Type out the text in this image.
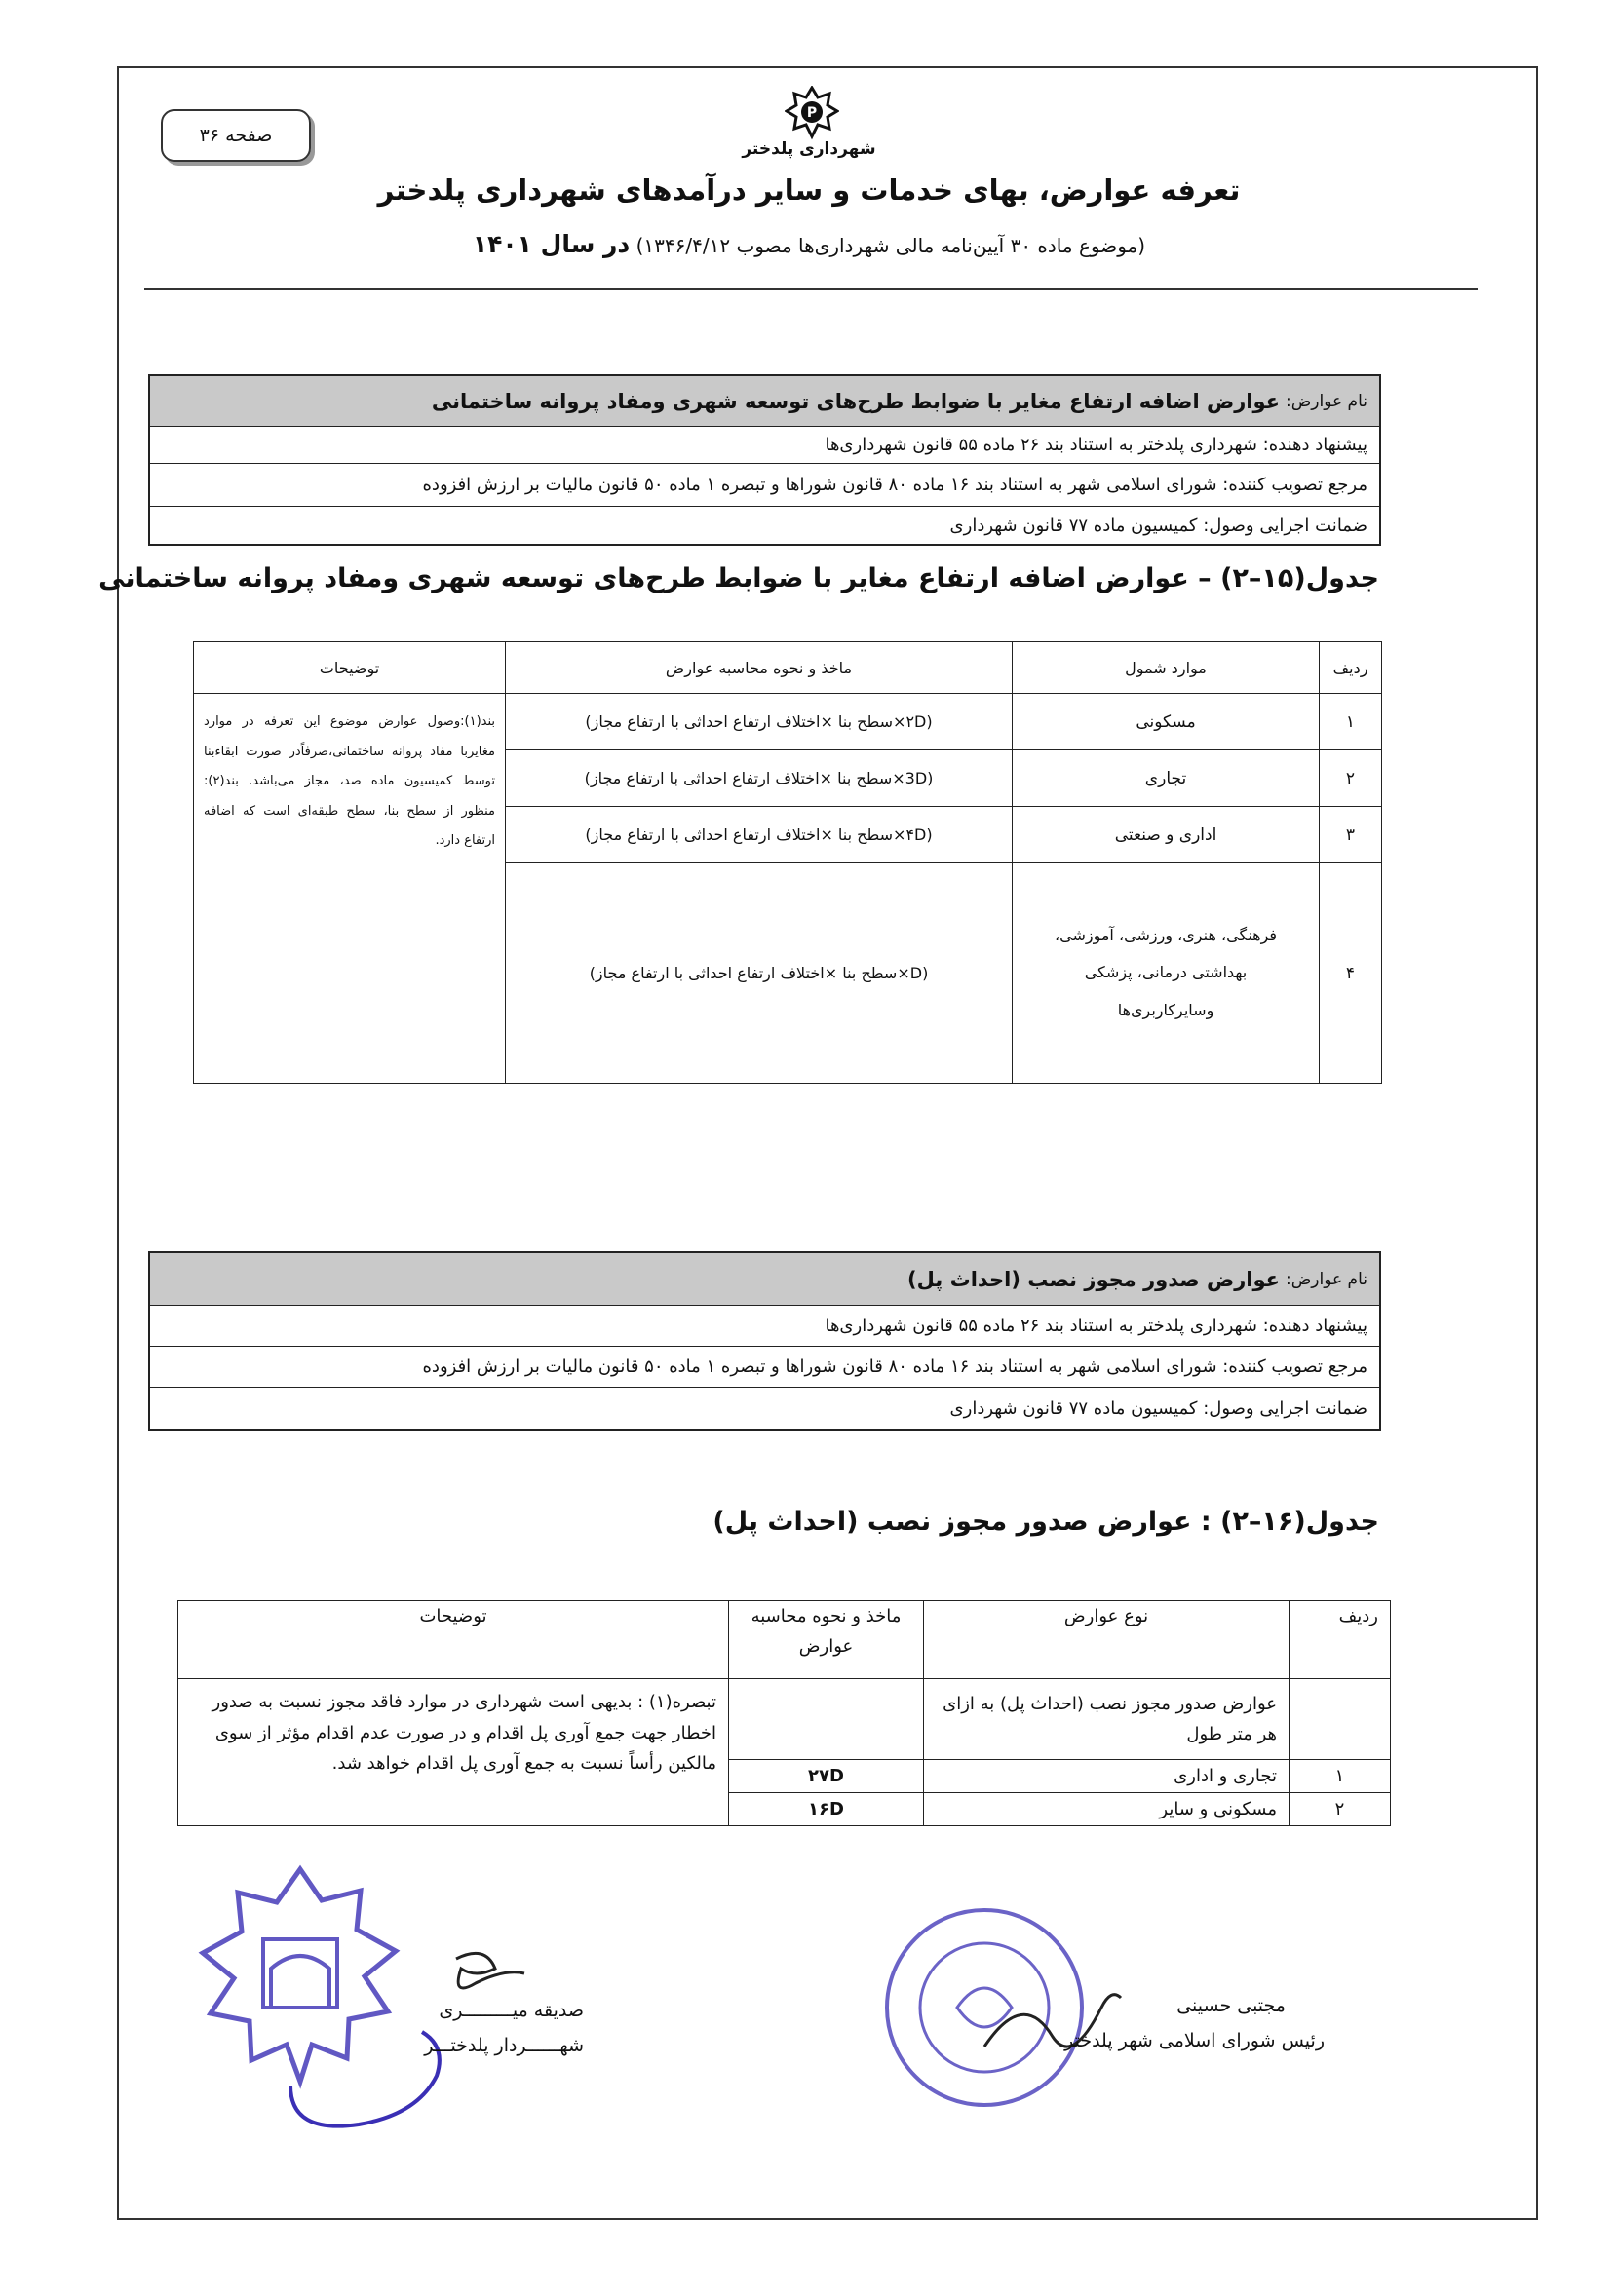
صفحه ۳۶
P
شهرداری پلدختر
تعرفه عوارض، بهای خدمات و سایر درآمدهای شهرداری پلدختر
(موضوع ماده ۳۰ آیین‌نامه مالی شهرداری‌ها مصوب ۱۳۴۶/۴/۱۲) در سال ۱۴۰۱
نام عوارض:
عوارض اضافه ارتفاع مغایر با ضوابط طرح‌های توسعه شهری ومفاد پروانه ساختمانی
پیشنهاد دهنده: شهرداری پلدختر به استناد بند ۲۶ ماده ۵۵ قانون شهرداری‌ها
مرجع تصویب کننده: شورای اسلامی شهر به استناد بند ۱۶ ماده ۸۰ قانون شوراها و تبصره ۱ ماده ۵۰ قانون مالیات بر ارزش افزوده
ضمانت اجرایی وصول: کمیسیون ماده ۷۷ قانون شهرداری
جدول(۱۵–۲) – عوارض اضافه ارتفاع مغایر با ضوابط طرح‌های توسعه شهری ومفاد پروانه ساختمانی
ردیف	موارد شمول	ماخذ و نحوه محاسبه عوارض	توضیحات
۱	مسکونی	(۲D×سطح بنا ×اختلاف ارتفاع احداثی با ارتفاع مجاز)	بند(۱):وصول عوارض موضوع این تعرفه در موارد مغایربا مفاد پروانه ساختمانی،صرفاًدر صورت ابقاءبنا توسط کمیسیون ماده صد، مجاز می‌باشد. بند(۲): منظور از سطح بنا، سطح طبقه‌ای است که اضافه ارتفاع دارد.
۲	تجاری	(3D×سطح بنا ×اختلاف ارتفاع احداثی با ارتفاع مجاز)	
۳	اداری و صنعتی	(۴D×سطح بنا ×اختلاف ارتفاع احداثی با ارتفاع مجاز)	
۴	فرهنگی، هنری، ورزشی، آموزشی،
بهداشتی درمانی، پزشکی
وسایرکاربری‌ها	(D×سطح بنا ×اختلاف ارتفاع احداثی با ارتفاع مجاز)	
نام عوارض:
عوارض صدور مجوز نصب (احداث پل)
پیشنهاد دهنده: شهرداری پلدختر به استناد بند ۲۶ ماده ۵۵ قانون شهرداری‌ها
مرجع تصویب کننده: شورای اسلامی شهر به استناد بند ۱۶ ماده ۸۰ قانون شوراها و تبصره ۱ ماده ۵۰ قانون مالیات بر ارزش افزوده
ضمانت اجرایی وصول: کمیسیون ماده ۷۷ قانون شهرداری
جدول(۱۶–۲) : عوارض صدور مجوز نصب (احداث پل)
ردیف	نوع عوارض	ماخذ و نحوه محاسبه عوارض	توضیحات
	عوارض صدور مجوز نصب (احداث پل) به ازای هر متر طول		تبصره(۱) : بدیهی است شهرداری در موارد فاقد مجوز نسبت به صدور اخطار جهت جمع آوری پل اقدام و در صورت عدم اقدام مؤثر از سوی مالکین رأساً نسبت به جمع آوری پل اقدام خواهد شد.
۱	تجاری و اداری	۲۷D	
۲	مسکونی و سایر	۱۶D	
مجتبی حسینی
رئیس شورای اسلامی شهر پلدختر
صدیقه میـــــــــری
شهــــــردار پلدختـــر
